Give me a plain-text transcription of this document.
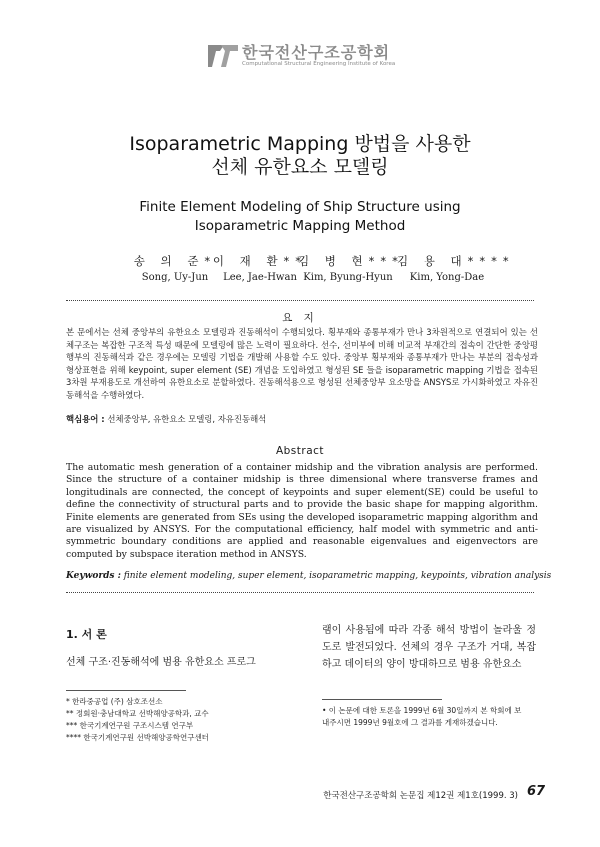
한국전산구조공학회
Computational Structural Engineering Institute of Korea
Isoparametric Mapping 방법을 사용한
선체 유한요소 모델링
Finite Element Modeling of Ship Structure using
Isoparametric Mapping Method
송 의 준*
Song, Uy-Jun
이 재 환**
Lee, Jae-Hwan
김 병 현***
Kim, Byung-Hyun
김 용 대****
Kim, Yong-Dae
요 지
본 문에서는 선체 중앙부의 유한요소 모델링과 진동해석이 수행되었다. 횡부재와 종통부재가 만나 3차원적으로 연결되어 있는 선체구조는 복잡한 구조적 특성 때문에 모델링에 많은 노력이 필요하다. 선수, 선미부에 비해 비교적 부재간의 접속이 간단한 중앙평행부의 진동해석과 같은 경우에는 모델링 기법을 개발해 사용할 수도 있다. 중앙부 횡부재와 종통부재가 만나는 부분의 접속성과 형상표현을 위해 keypoint, super element (SE) 개념을 도입하였고 형성된 SE 들을 isoparametric mapping 기법을 접속된 3차원 부재용도로 개선하여 유한요소로 분할하였다. 진동해석용으로 형성된 선체중앙부 요소망을 ANSYS로 가시화하였고 자유진동해석을 수행하였다.
핵심용어 : 선체중앙부, 유한요소 모델링, 자유진동해석
Abstract
The automatic mesh generation of a container midship and the vibration analysis are performed. Since the structure of a container midship is three dimensional where transverse frames and longitudinals are connected, the concept of keypoints and super element(SE) could be useful to define the connectivity of structural parts and to provide the basic shape for mapping algorithm. Finite elements are generated from SEs using the developed isoparametric mapping algorithm and are visualized by ANSYS. For the computational efficiency, half model with symmetric and anti-symmetric boundary conditions are applied and reasonable eigenvalues and eigenvectors are computed by subspace iteration method in ANSYS.
Keywords : finite element modeling, super element, isoparametric mapping, keypoints, vibration analysis
1. 서 론
선체 구조·진동해석에 범용 유한요소 프로그
램이 사용됨에 따라 각종 해석 방법이 놀라울 정도로 발전되었다. 선체의 경우 구조가 거대, 복잡하고 데이터의 양이 방대하므로 범용 유한요소
* 한라중공업 (주) 삼호조선소
** 정회원·충남대학교 선박해양공학과, 교수
*** 한국기계연구원 구조시스템 연구부
**** 한국기계연구원 선박해양공학연구센터
• 이 논문에 대한 토론을 1999년 6월 30일까지 본 학회에 보
내주시면 1999년 9월호에 그 결과를 게재하겠습니다.
한국전산구조공학회 논문집 제12권 제1호(1999. 3) 67
